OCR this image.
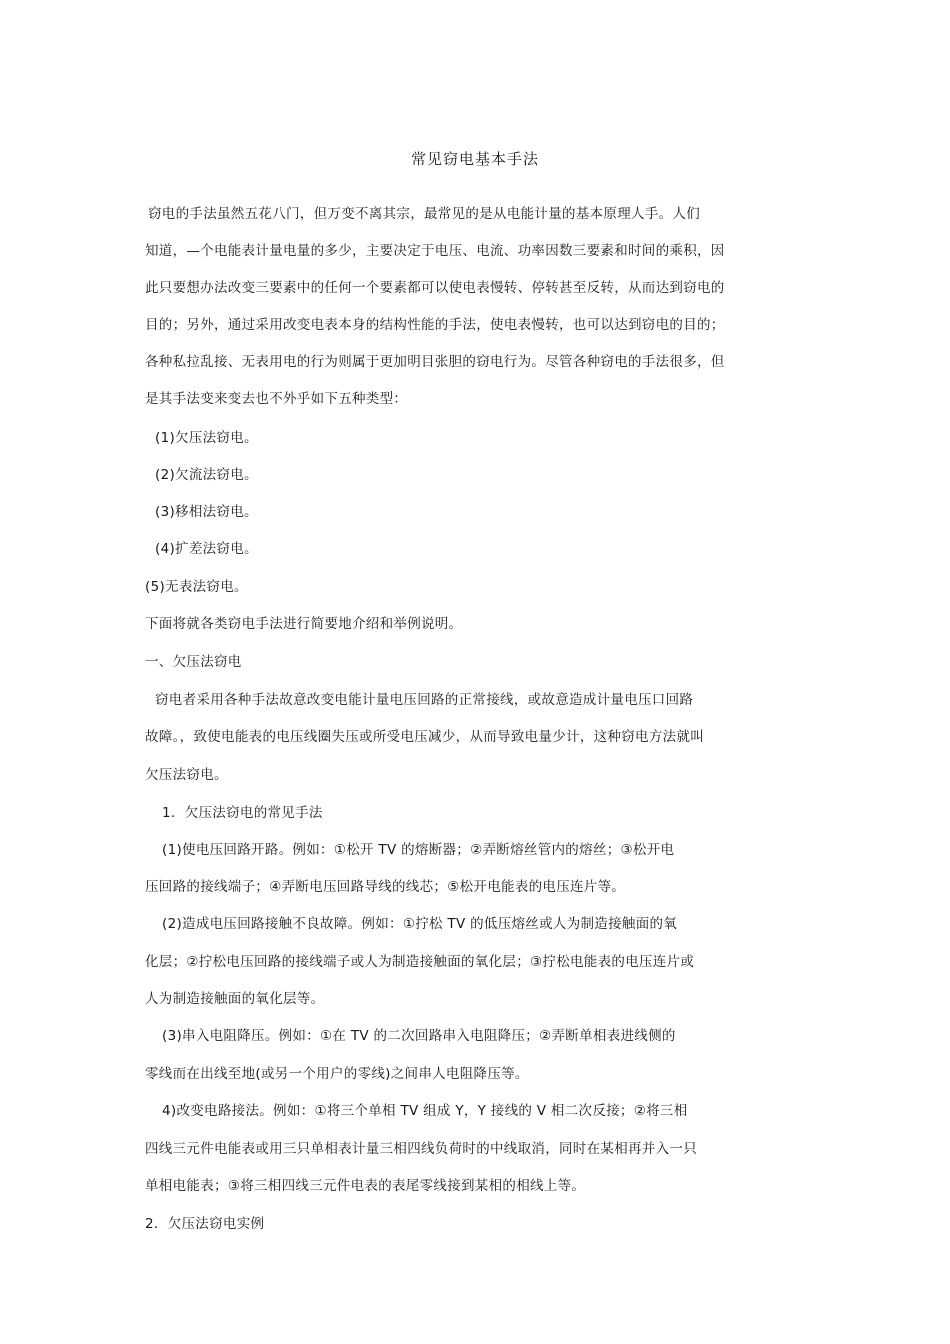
常见窃电基本手法
窃电的手法虽然五花八门，但万变不离其宗，最常见的是从电能计量的基本原理人手。人们
知道，—个电能表计量电量的多少，主要决定于电压、电流、功率因数三要素和时间的乘积，因
此只要想办法改变三要素中的任何一个要素都可以使电表慢转、停转甚至反转，从而达到窃电的
目的；另外，通过采用改变电表本身的结构性能的手法，使电表慢转，也可以达到窃电的目的；
各种私拉乱接、无表用电的行为则属于更加明目张胆的窃电行为。尽管各种窃电的手法很多，但
是其手法变来变去也不外乎如下五种类型：
(1)欠压法窃电。
(2)欠流法窃电。
(3)移相法窃电。
(4)扩差法窃电。
(5)无表法窃电。
下面将就各类窃电手法进行简要地介绍和举例说明。
一、欠压法窃电
窃电者采用各种手法故意改变电能计量电压回路的正常接线，或故意造成计量电压口回路
故障。，致使电能表的电压线圈失压或所受电压减少，从而导致电量少计，这种窃电方法就叫
欠压法窃电。
1．欠压法窃电的常见手法
(1)使电压回路开路。例如：①松开 TV 的熔断器；②弄断熔丝管内的熔丝；③松开电
压回路的接线端子；④弄断电压回路导线的线芯；⑤松开电能表的电压连片等。
(2)造成电压回路接触不良故障。例如：①拧松 TV 的低压熔丝或人为制造接触面的氧
化层；②拧松电压回路的接线端子或人为制造接触面的氧化层；③拧松电能表的电压连片或
人为制造接触面的氧化层等。
(3)串入电阻降压。例如：①在 TV 的二次回路串入电阻降压；②弄断单相表进线侧的
零线而在出线至地(或另一个用户的零线)之间串人电阻降压等。
4)改变电路接法。例如：①将三个单相 TV 组成 Y，Y 接线的 V 相二次反接；②将三相
四线三元件电能表或用三只单相表计量三相四线负荷时的中线取消，同时在某相再并入一只
单相电能表；③将三相四线三元件电表的表尾零线接到某相的相线上等。
2．欠压法窃电实例
